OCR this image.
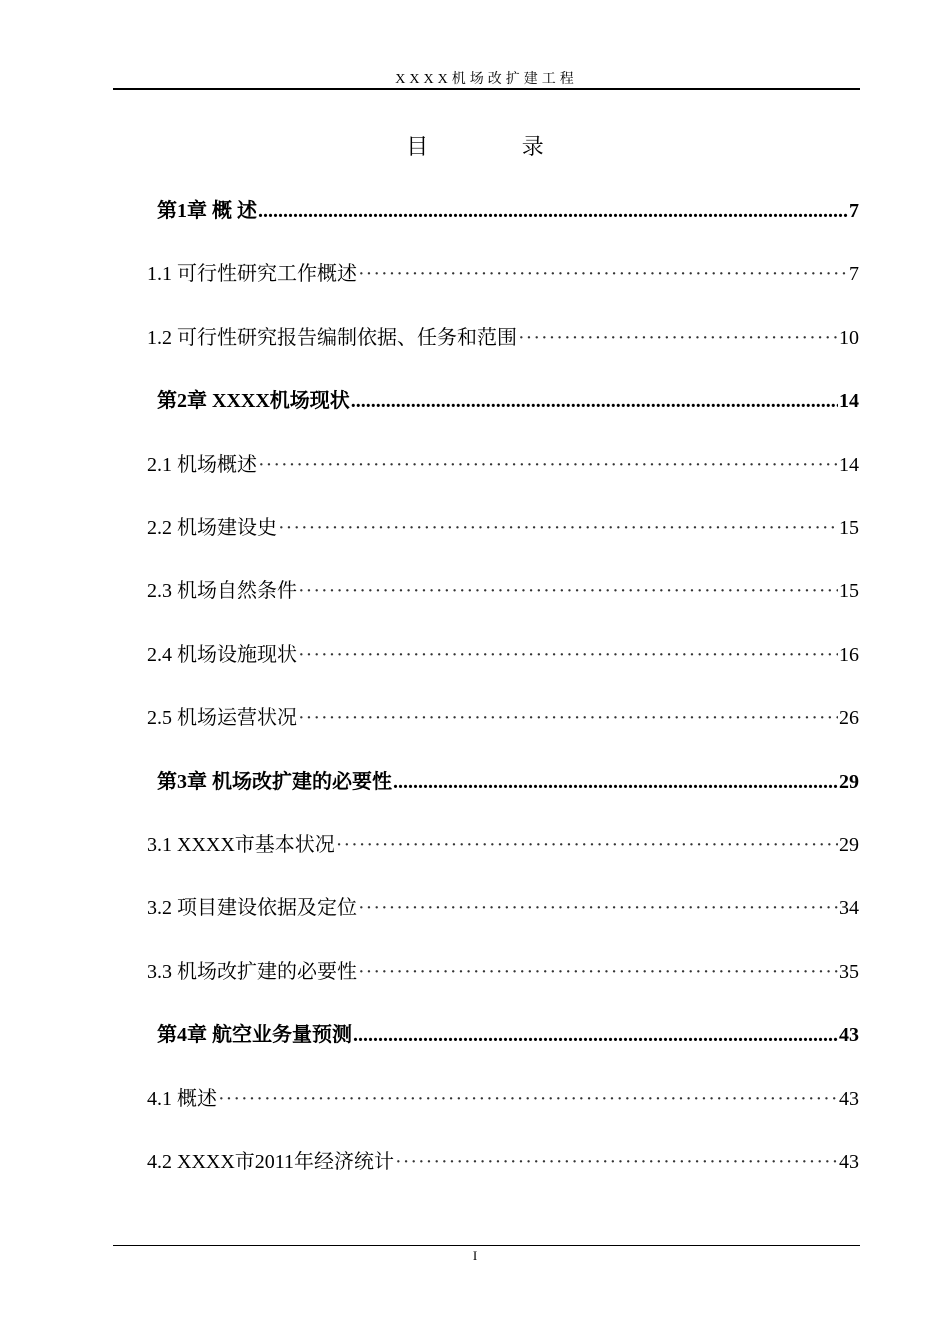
XXXX机场改扩建工程
目 录
第1章 概 述 .....	7
1.1 可行性研究工作概述 ·····	7
1.2 可行性研究报告编制依据、任务和范围 ·····	10
第2章 XXXX机场现状 .....	14
2.1 机场概述 ·····	14
2.2 机场建设史 ·····	15
2.3 机场自然条件 ·····	15
2.4 机场设施现状 ·····	16
2.5 机场运营状况 ·····	26
第3章 机场改扩建的必要性 .....	29
3.1 XXXX市基本状况 ·····	29
3.2 项目建设依据及定位 ·····	34
3.3 机场改扩建的必要性 ·····	35
第4章 航空业务量预测 .....	43
4.1 概述 ·····	43
4.2 XXXX市2011年经济统计 ·····	43
I
